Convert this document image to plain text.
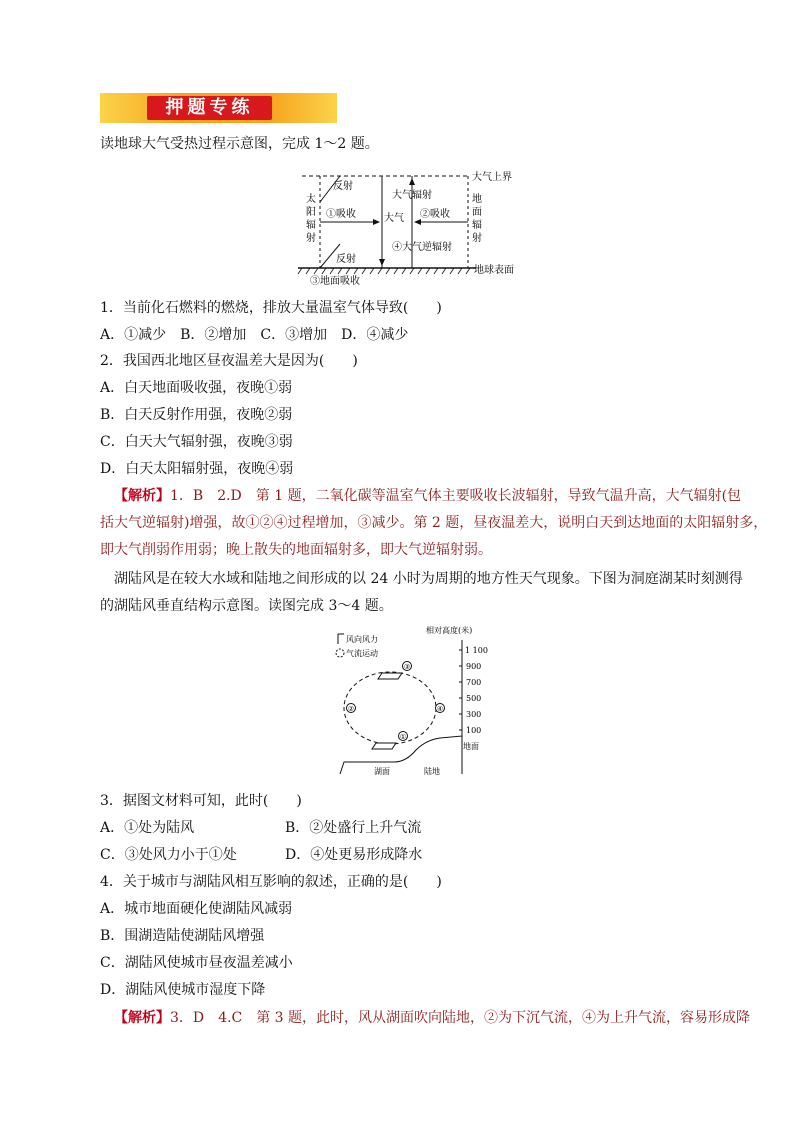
押题专练
读地球大气受热过程示意图，完成 1～2 题。
大气上界
反射
太
阳
辐
射
①吸收	大气
大气辐射
②吸收
地
面
辐
射
④大气逆辐射
反射
地球表面
③地面吸收
1．当前化石燃料的燃烧，排放大量温室气体导致(　　)
A．①减少　B．②增加　C．③增加　D．④减少
2．我国西北地区昼夜温差大是因为(　　)
A．白天地面吸收强，夜晚①弱
B．白天反射作用强，夜晚②弱
C．白天大气辐射强，夜晚③弱
D．白天太阳辐射强，夜晚④弱
【解析】1．B　2.D　第 1 题，二氧化碳等温室气体主要吸收长波辐射，导致气温升高，大气辐射(包
括大气逆辐射)增强，故①②④过程增加，③减少。第 2 题，昼夜温差大，说明白天到达地面的太阳辐射多，
即大气削弱作用弱；晚上散失的地面辐射多，即大气逆辐射弱。
湖陆风是在较大水域和陆地之间形成的以 24 小时为周期的地方性天气现象。下图为洞庭湖某时刻测得
的湖陆风垂直结构示意图。读图完成 3～4 题。
相对高度(米)
1 100
900
700
500
300
100
地面
风向风力
气流运动
③
①
②	④
湖面	陆地
3．据图文材料可知，此时(　　)
A．①处为陆风	B．②处盛行上升气流
C．③处风力小于①处	D．④处更易形成降水
4．关于城市与湖陆风相互影响的叙述，正确的是(　　)
A．城市地面硬化使湖陆风减弱
B．围湖造陆使湖陆风增强
C．湖陆风使城市昼夜温差减小
D．湖陆风使城市湿度下降
【解析】3．D　4.C　第 3 题，此时，风从湖面吹向陆地，②为下沉气流，④为上升气流，容易形成降
